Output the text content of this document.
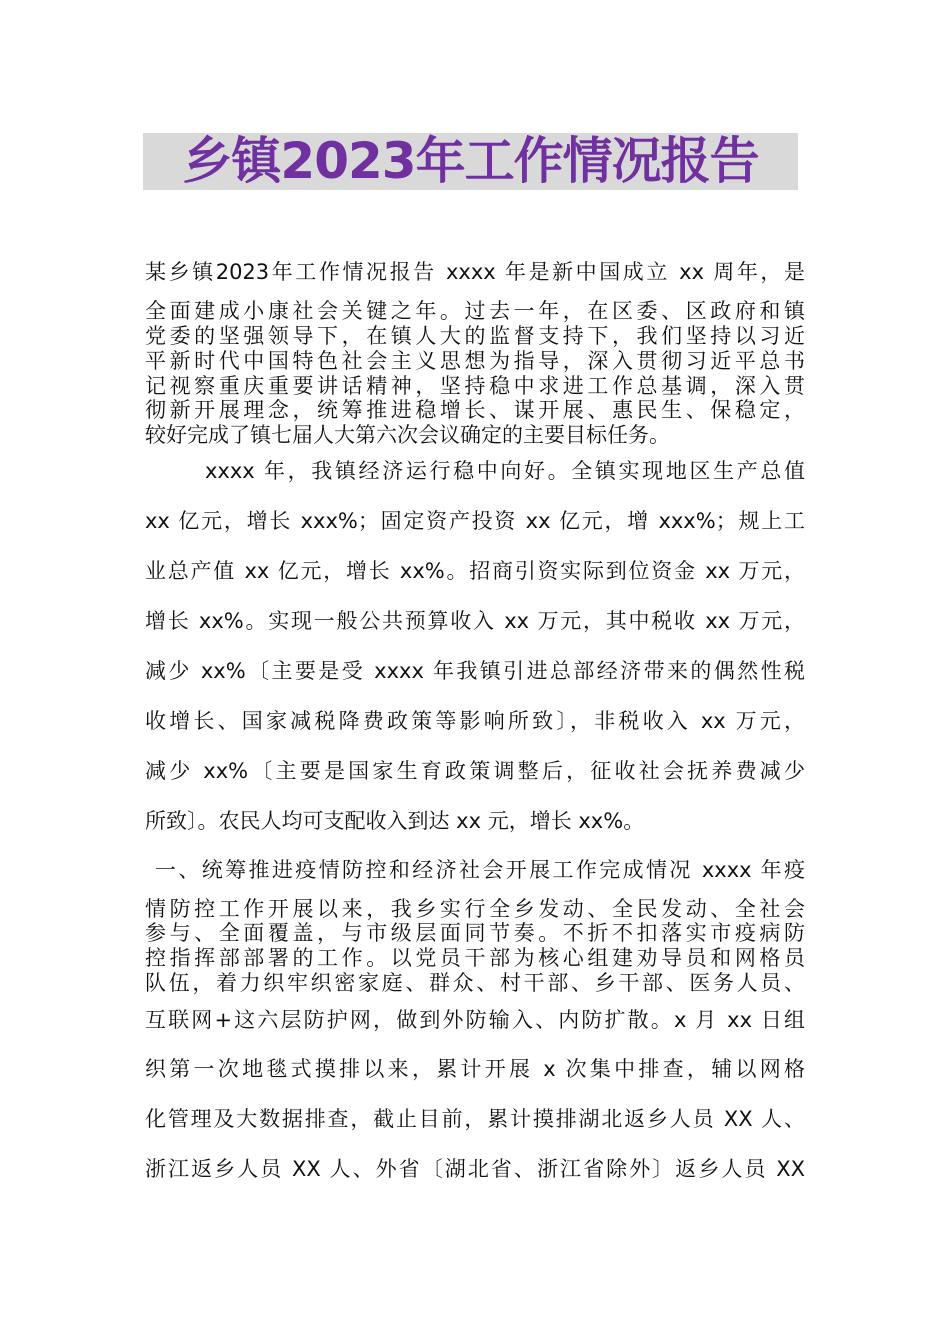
乡镇2023年工作情况报告
某乡镇2023年工作情况报告 xxxx 年是新中国成立 xx 周年，是
全面建成小康社会关键之年。过去一年，在区委、区政府和镇
党委的坚强领导下，在镇人大的监督支持下，我们坚持以习近
平新时代中国特色社会主义思想为指导，深入贯彻习近平总书
记视察重庆重要讲话精神，坚持稳中求进工作总基调，深入贯
彻新开展理念，统筹推进稳增长、谋开展、惠民生、保稳定，
较好完成了镇七届人大第六次会议确定的主要目标任务。
xxxx 年，我镇经济运行稳中向好。全镇实现地区生产总值
xx 亿元，增长 xxx%；固定资产投资 xx 亿元，增 xxx%；规上工
业总产值 xx 亿元，增长 xx%。招商引资实际到位资金 xx 万元，
增长 xx%。实现一般公共预算收入 xx 万元，其中税收 xx 万元，
减少 xx%〔主要是受 xxxx 年我镇引进总部经济带来的偶然性税
收增长、国家减税降费政策等影响所致〕，非税收入 xx 万元，
减少 xx%〔主要是国家生育政策调整后，征收社会抚养费减少
所致〕。农民人均可支配收入到达 xx 元，增长 xx%。
一、统筹推进疫情防控和经济社会开展工作完成情况 xxxx 年疫
情防控工作开展以来，我乡实行全乡发动、全民发动、全社会
参与、全面覆盖，与市级层面同节奏。不折不扣落实市疫病防
控指挥部部署的工作。以党员干部为核心组建劝导员和网格员
队伍，着力织牢织密家庭、群众、村干部、乡干部、医务人员、
互联网+这六层防护网，做到外防输入、内防扩散。x 月 xx 日组
织第一次地毯式摸排以来，累计开展 x 次集中排查，辅以网格
化管理及大数据排查，截止目前，累计摸排湖北返乡人员 XX 人、
浙江返乡人员 XX 人、外省〔湖北省、浙江省除外〕返乡人员 XX
